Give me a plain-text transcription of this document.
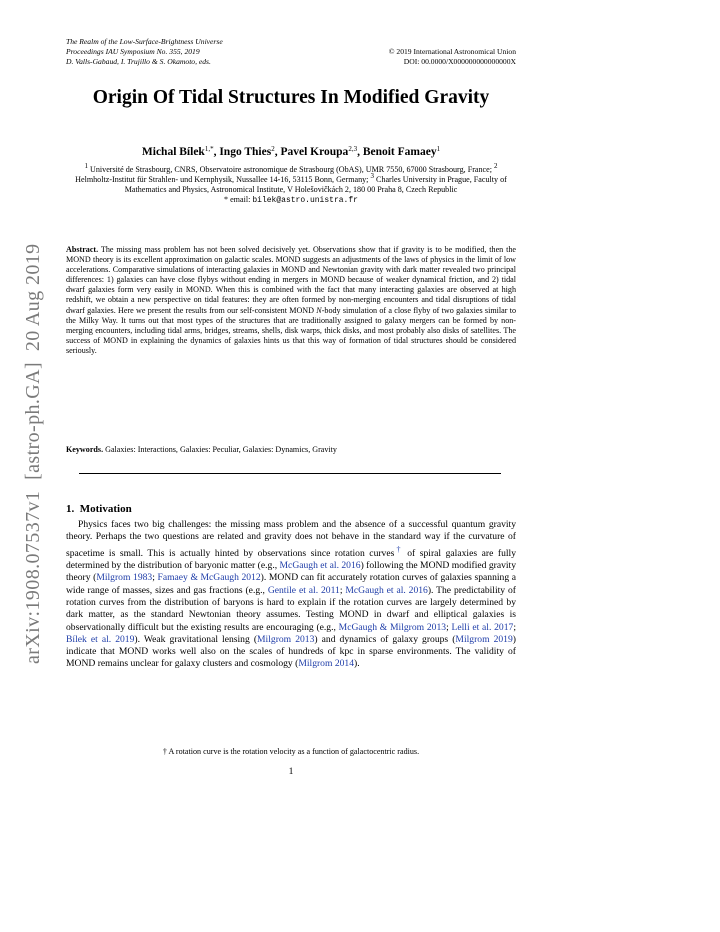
The Realm of the Low-Surface-Brightness Universe
Proceedings IAU Symposium No. 355, 2019
D. Valls-Gabaud, I. Trujillo & S. Okamoto, eds.
© 2019 International Astronomical Union
DOI: 00.0000/X000000000000000X
arXiv:1908.07537v1  [astro-ph.GA]  20 Aug 2019
Origin Of Tidal Structures In Modified Gravity
Michal Bílek$^{1,*}$, Ingo Thies$^2$, Pavel Kroupa$^{2,3}$, Benoit Famaey$^1$
$^1$ Université de Strasbourg, CNRS, Observatoire astronomique de Strasbourg (ObAS), UMR 7550, 67000 Strasbourg, France; $^2$ Helmholtz-Institut für Strahlen- und Kernphysik, Nussallee 14-16, 53115 Bonn, Germany; $^3$ Charles University in Prague, Faculty of Mathematics and Physics, Astronomical Institute, V Holešovičkách 2, 180 00 Praha 8, Czech Republic
* email: bilek@astro.unistra.fr
Abstract. The missing mass problem has not been solved decisively yet. Observations show that if gravity is to be modified, then the MOND theory is its excellent approximation on galactic scales. MOND suggests an adjustments of the laws of physics in the limit of low accelerations. Comparative simulations of interacting galaxies in MOND and Newtonian gravity with dark matter revealed two principal differences: 1) galaxies can have close flybys without ending in mergers in MOND because of weaker dynamical friction, and 2) tidal dwarf galaxies form very easily in MOND. When this is combined with the fact that many interacting galaxies are observed at high redshift, we obtain a new perspective on tidal features: they are often formed by non-merging encounters and tidal disruptions of tidal dwarf galaxies. Here we present the results from our self-consistent MOND N-body simulation of a close flyby of two galaxies similar to the Milky Way. It turns out that most types of the structures that are traditionally assigned to galaxy mergers can be formed by non-merging encounters, including tidal arms, bridges, streams, shells, disk warps, thick disks, and most probably also disks of satellites. The success of MOND in explaining the dynamics of galaxies hints us that this way of formation of tidal structures should be considered seriously.
Keywords. Galaxies: Interactions, Galaxies: Peculiar, Galaxies: Dynamics, Gravity
1. Motivation

Physics faces two big challenges: the missing mass problem and the absence of a successful quantum gravity theory. Perhaps the two questions are related and gravity does not behave in the standard way if the curvature of spacetime is small. This is actually hinted by observations since rotation curves† of spiral galaxies are fully determined by the distribution of baryonic matter (e.g., McGaugh et al. 2016) following the MOND modified gravity theory (Milgrom 1983; Famaey & McGaugh 2012). MOND can fit accurately rotation curves of galaxies spanning a wide range of masses, sizes and gas fractions (e.g., Gentile et al. 2011; McGaugh et al. 2016). The predictability of rotation curves from the distribution of baryons is hard to explain if the rotation curves are largely determined by dark matter, as the standard Newtonian theory assumes. Testing MOND in dwarf and elliptical galaxies is observationally difficult but the existing results are encouraging (e.g., McGaugh & Milgrom 2013; Lelli et al. 2017; Bílek et al. 2019). Weak gravitational lensing (Milgrom 2013) and dynamics of galaxy groups (Milgrom 2019) indicate that MOND works well also on the scales of hundreds of kpc in sparse environments. The validity of MOND remains unclear for galaxy clusters and cosmology (Milgrom 2014).

† A rotation curve is the rotation velocity as a function of galactocentric radius.
1
